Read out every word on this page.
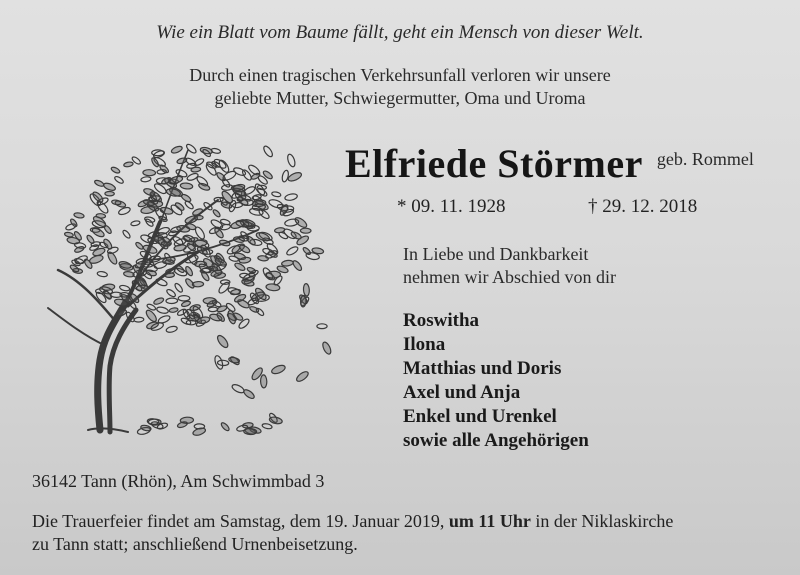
Wie ein Blatt vom Baume fällt, geht ein Mensch von dieser Welt.
Durch einen tragischen Verkehrsunfall verloren wir unsere
geliebte Mutter, Schwiegermutter, Oma und Uroma
Elfriede Störmer geb. Rommel
* 09. 11. 1928	† 29. 12. 2018
In Liebe und Dankbarkeit
nehmen wir Abschied von dir
Roswitha
Ilona
Matthias und Doris
Axel und Anja
Enkel und Urenkel
sowie alle Angehörigen
36142 Tann (Rhön), Am Schwimmbad 3
Die Trauerfeier findet am Samstag, dem 19. Januar 2019, um 11 Uhr in der Niklaskirche
zu Tann statt; anschließend Urnenbeisetzung.
